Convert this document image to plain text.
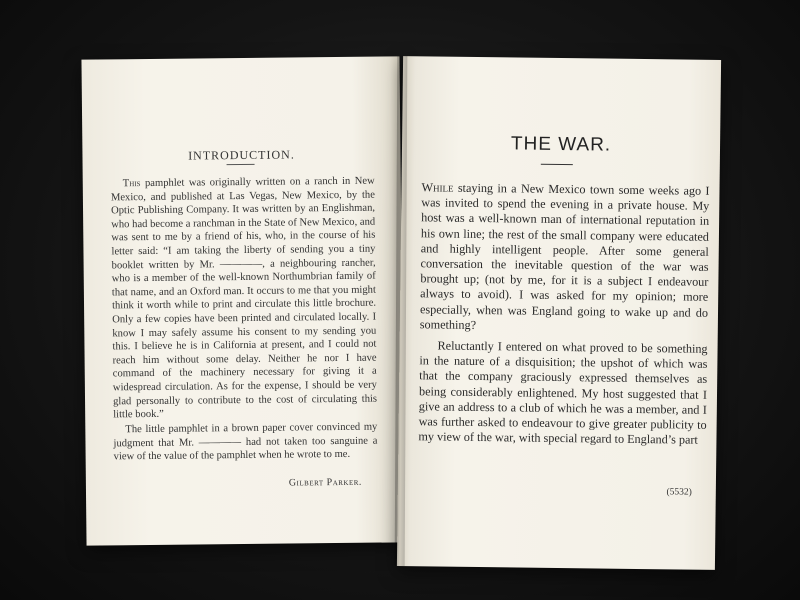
INTRODUCTION.
This pamphlet was originally written on a ranch in New Mexico, and published at Las Vegas, New Mexico, by the Optic Publishing Company. It was written by an Englishman, who had become a ranchman in the State of New Mexico, and was sent to me by a friend of his, who, in the course of his letter said: “I am taking the liberty of sending you a tiny booklet written by Mr. ————, a neighbouring rancher, who is a member of the well-known Northumbrian family of that name, and an Oxford man. It occurs to me that you might think it worth while to print and circulate this little brochure. Only a few copies have been printed and circulated locally. I know I may safely assume his consent to my sending you this. I believe he is in California at present, and I could not reach him without some delay. Neither he nor I have command of the machinery necessary for giving it a widespread circulation. As for the expense, I should be very glad personally to contribute to the cost of circulating this little book.”
The little pamphlet in a brown paper cover convinced my judgment that Mr. ———— had not taken too sanguine a view of the value of the pamphlet when he wrote to me.
Gilbert Parker.
THE WAR.
While staying in a New Mexico town some weeks ago I was invited to spend the evening in a private house. My host was a well-known man of international reputation in his own line; the rest of the small company were educated and highly intelligent people. After some general conversation the inevitable question of the war was brought up; (not by me, for it is a subject I endeavour always to avoid). I was asked for my opinion; more especially, when was England going to wake up and do something?
Reluctantly I entered on what proved to be something in the nature of a disquisition; the upshot of which was that the company graciously expressed themselves as being considerably enlightened. My host suggested that I give an address to a club of which he was a member, and I was further asked to endeavour to give greater publicity to my view of the war, with special regard to England’s part
(5532)
